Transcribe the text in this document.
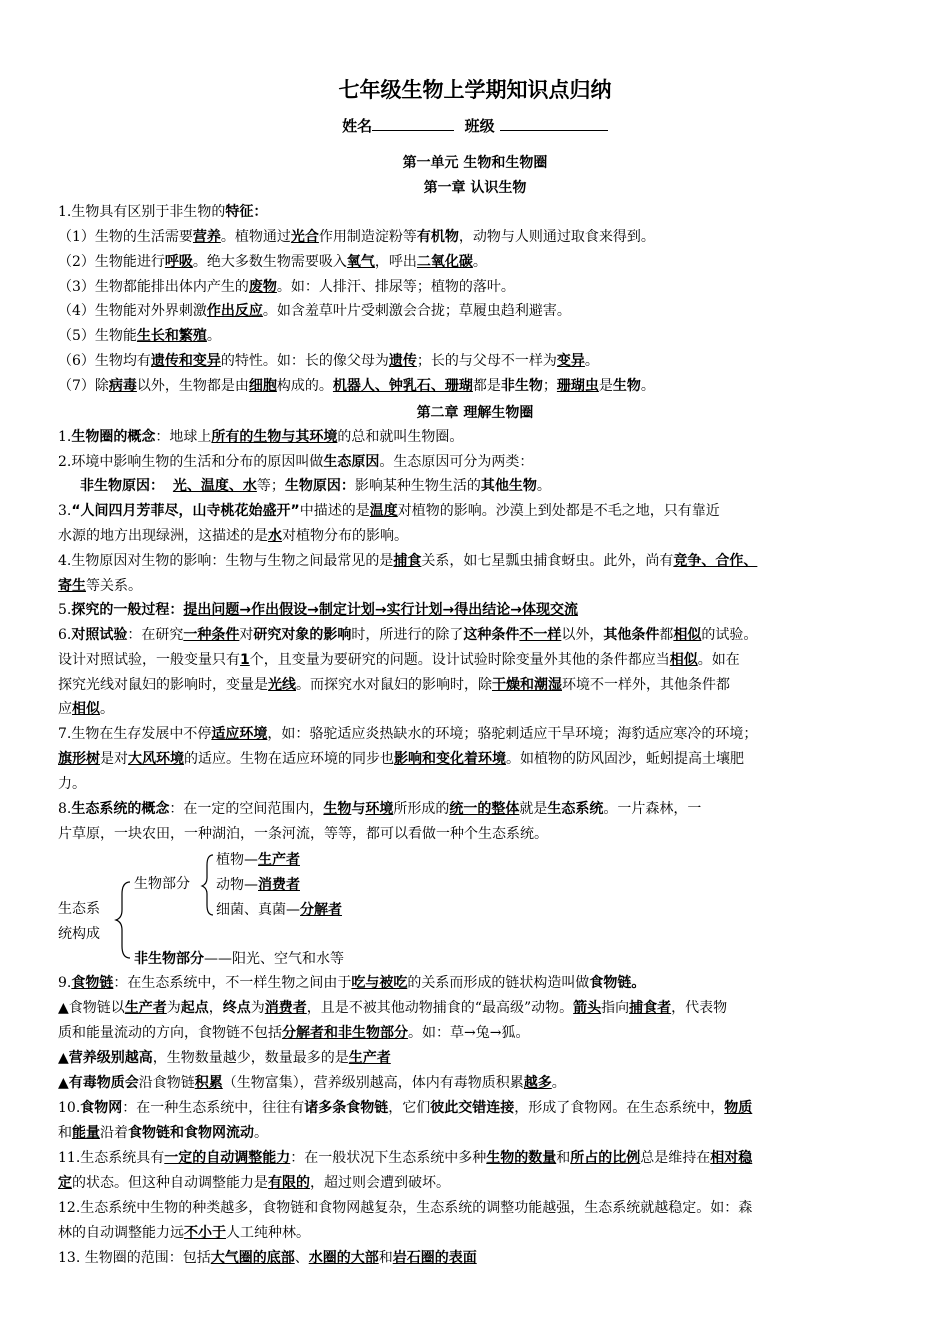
七年级生物上学期知识点归纳
姓名	班级
第一单元 生物和生物圈
第一章 认识生物
1.生物具有区别于非生物的特征：
（1）生物的生活需要营养。植物通过光合作用制造淀粉等有机物，动物与人则通过取食来得到。
（2）生物能进行呼吸。绝大多数生物需要吸入氧气，呼出二氧化碳。
（3）生物都能排出体内产生的废物。如：人排汗、排尿等；植物的落叶。
（4）生物能对外界刺激作出反应。如含羞草叶片受刺激会合拢；草履虫趋利避害。
（5）生物能生长和繁殖。
（6）生物均有遗传和变异的特性。如：长的像父母为遗传；长的与父母不一样为变异。
（7）除病毒以外，生物都是由细胞构成的。机器人、钟乳石、珊瑚都是非生物；珊瑚虫是生物。
第二章 理解生物圈
1.生物圈的概念：地球上所有的生物与其环境的总和就叫生物圈。
2.环境中影响生物的生活和分布的原因叫做生态原因。生态原因可分为两类：
非生物原因： 光、温度、水等；生物原因：影响某种生物生活的其他生物。
3.“人间四月芳菲尽，山寺桃花始盛开”中描述的是温度对植物的影响。沙漠上到处都是不毛之地，只有靠近
水源的地方出现绿洲，这描述的是水对植物分布的影响。
4.生物原因对生物的影响：生物与生物之间最常见的是捕食关系，如七星瓢虫捕食蚜虫。此外，尚有竞争、合作、
寄生等关系。
5.探究的一般过程：提出问题→作出假设→制定计划→实行计划→得出结论→体现交流
6.对照试验：在研究一种条件对研究对象的影响时，所进行的除了这种条件不一样以外，其他条件都相似的试验。
设计对照试验，一般变量只有1个，且变量为要研究的问题。设计试验时除变量外其他的条件都应当相似。如在
探究光线对鼠妇的影响时，变量是光线。而探究水对鼠妇的影响时，除干燥和潮湿环境不一样外，其他条件都
应相似。
7.生物在生存发展中不停适应环境，如：骆驼适应炎热缺水的环境；骆驼刺适应干旱环境；海豹适应寒冷的环境；
旗形树是对大风环境的适应。生物在适应环境的同步也影响和变化着环境。如植物的防风固沙，蚯蚓提高土壤肥
力。
8.生态系统的概念：在一定的空间范围内，生物与环境所形成的统一的整体就是生态系统。一片森林，一
片草原，一块农田，一种湖泊，一条河流，等等，都可以看做一种个生态系统。
生态系
统构成
生物部分
植物—生产者
动物—消费者
细菌、真菌—分解者
非生物部分——阳光、空气和水等
9.食物链：在生态系统中，不一样生物之间由于吃与被吃的关系而形成的链状构造叫做食物链。
▲食物链以生产者为起点，终点为消费者，且是不被其他动物捕食的“最高级”动物。箭头指向捕食者，代表物
质和能量流动的方向，食物链不包括分解者和非生物部分。如：草→兔→狐。
▲营养级别越高，生物数量越少，数量最多的是生产者
▲有毒物质会沿食物链积累（生物富集），营养级别越高，体内有毒物质积累越多。
10.食物网：在一种生态系统中，往往有诸多条食物链，它们彼此交错连接，形成了食物网。在生态系统中，物质
和能量沿着食物链和食物网流动。
11.生态系统具有一定的自动调整能力：在一般状况下生态系统中多种生物的数量和所占的比例总是维持在相对稳
定的状态。但这种自动调整能力是有限的，超过则会遭到破坏。
12.生态系统中生物的种类越多，食物链和食物网越复杂，生态系统的调整功能越强，生态系统就越稳定。如：森
林的自动调整能力远不小于人工纯种林。
13. 生物圈的范围：包括大气圈的底部、水圈的大部和岩石圈的表面
